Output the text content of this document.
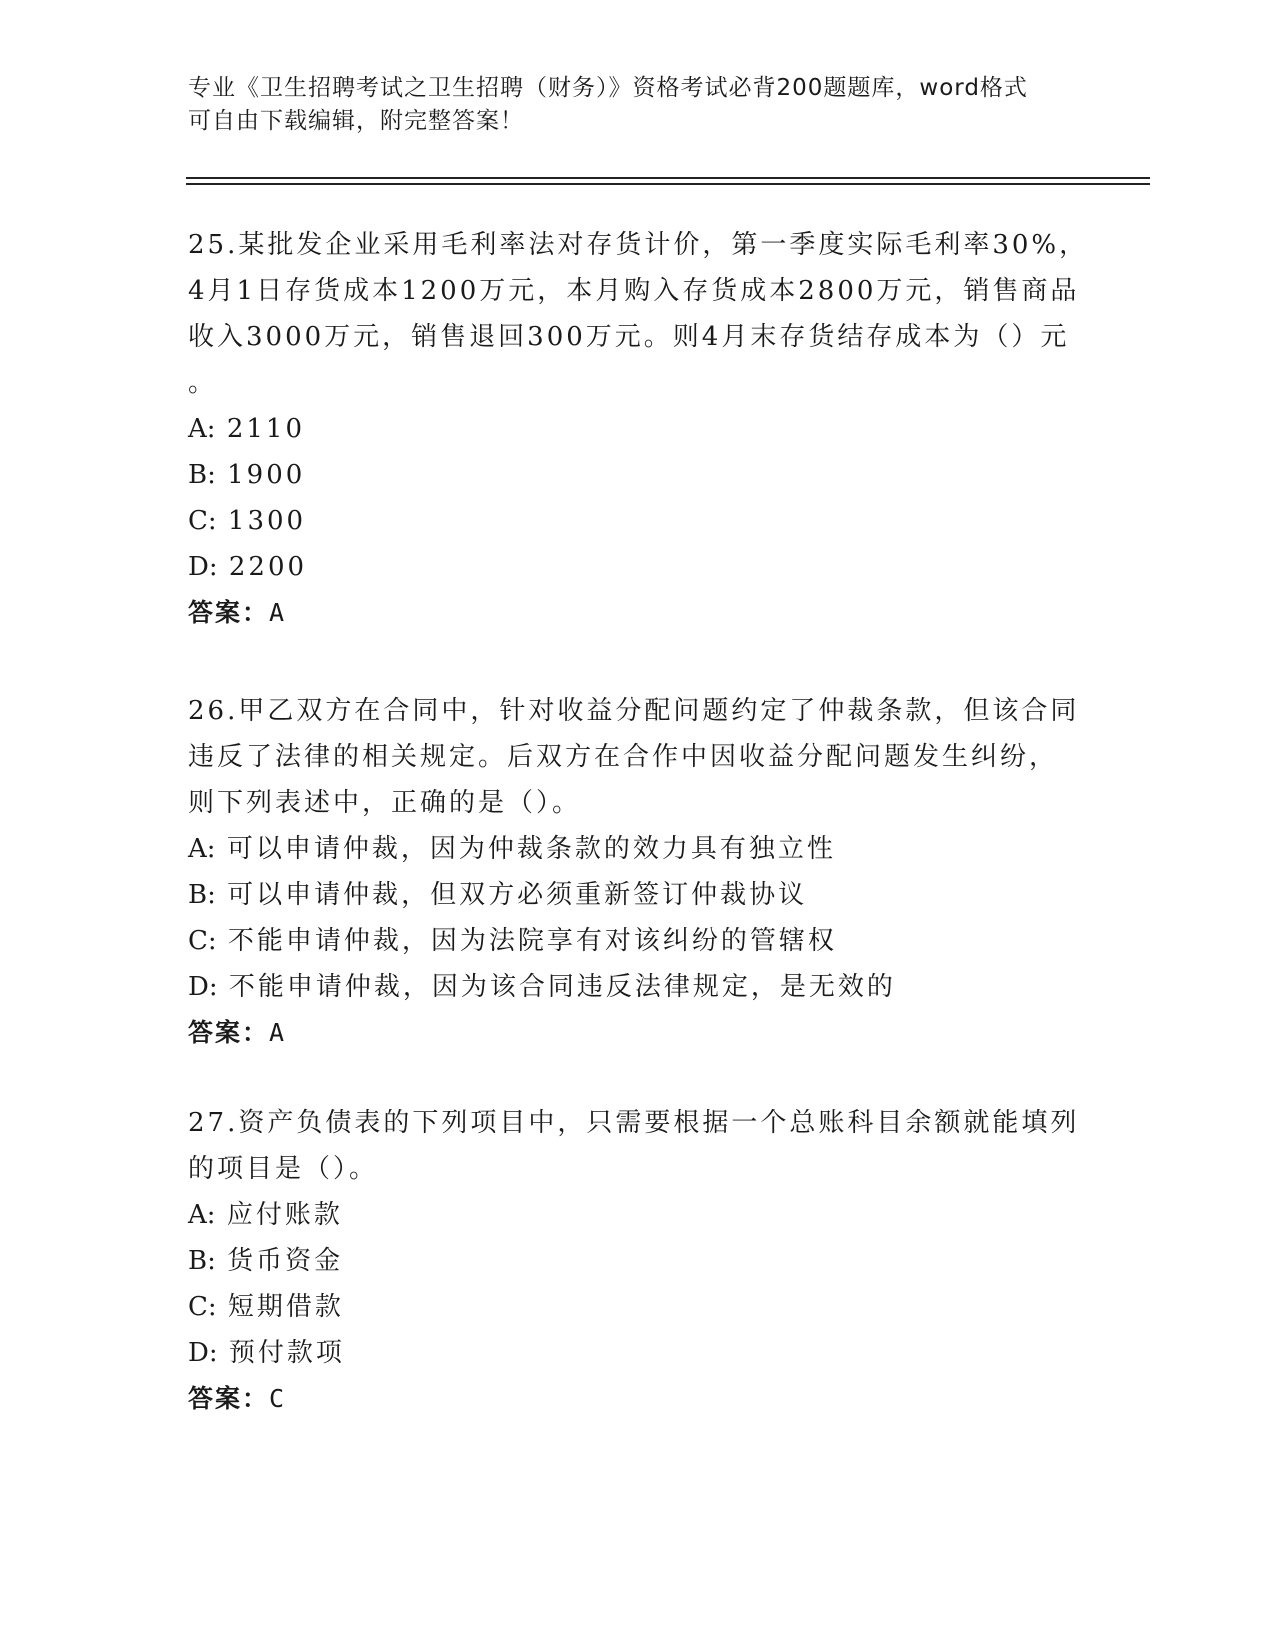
专业《卫生招聘考试之卫生招聘（财务）》资格考试必背200题题库，word格式
可自由下载编辑，附完整答案！
25.某批发企业采用毛利率法对存货计价，第一季度实际毛利率30%，
4月1日存货成本1200万元，本月购入存货成本2800万元，销售商品
收入3000万元，销售退回300万元。则4月末存货结存成本为（）元
。
A: 2110
B: 1900
C: 1300
D: 2200
答案：A
26.甲乙双方在合同中，针对收益分配问题约定了仲裁条款，但该合同
违反了法律的相关规定。后双方在合作中因收益分配问题发生纠纷，
则下列表述中，正确的是（）。
A: 可以申请仲裁，因为仲裁条款的效力具有独立性
B: 可以申请仲裁，但双方必须重新签订仲裁协议
C: 不能申请仲裁，因为法院享有对该纠纷的管辖权
D: 不能申请仲裁，因为该合同违反法律规定，是无效的
答案：A
27.资产负债表的下列项目中，只需要根据一个总账科目余额就能填列
的项目是（）。
A: 应付账款
B: 货币资金
C: 短期借款
D: 预付款项
答案：C
